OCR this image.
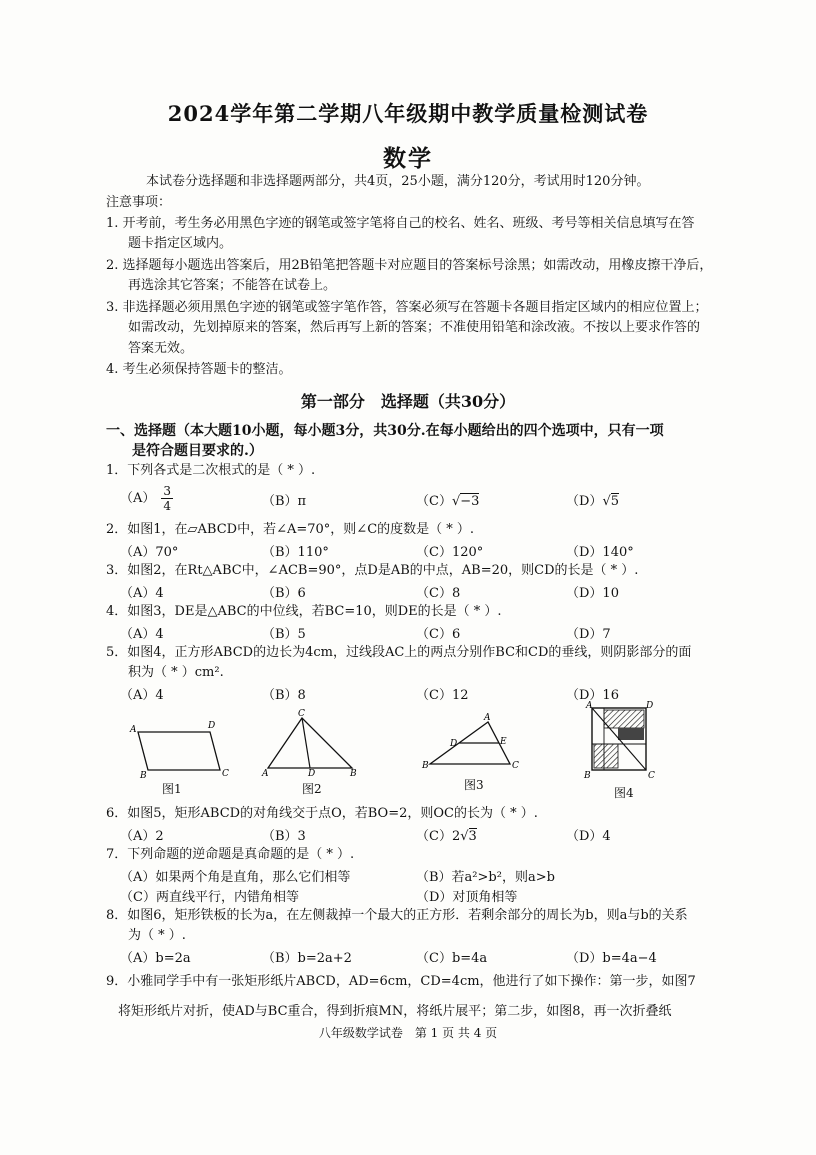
2024学年第二学期八年级期中教学质量检测试卷
数学
本试卷分选择题和非选择题两部分，共4页，25小题，满分120分，考试用时120分钟。
注意事项：
1. 开考前，考生务必用黑色字迹的钢笔或签字笔将自己的校名、姓名、班级、考号等相关信息填写在答
题卡指定区域内。
2. 选择题每小题选出答案后，用2B铅笔把答题卡对应题目的答案标号涂黑；如需改动，用橡皮擦干净后，
再选涂其它答案；不能答在试卷上。
3. 非选择题必须用黑色字迹的钢笔或签字笔作答，答案必须写在答题卡各题目指定区域内的相应位置上；
如需改动，先划掉原来的答案，然后再写上新的答案；不准使用铅笔和涂改液。不按以上要求作答的
答案无效。
4. 考生必须保持答题卡的整洁。
第一部分　选择题（共30分）
一、选择题（本大题10小题，每小题3分，共30分.在每小题给出的四个选项中，只有一项
是符合题目要求的.）
1．下列各式是二次根式的是（ * ）.
$(A) \frac{3}{4}$	（B）π	（C）√−3	（D）√5
2．如图1，在▱ABCD中，若∠A=70°，则∠C的度数是（ * ）.
（A）70°	（B）110°	（C）120°	（D）140°
3．如图2，在Rt△ABC中，∠ACB=90°，点D是AB的中点，AB=20，则CD的长是（ * ）.
（A）4	（B）6	（C）8	（D）10
4．如图3，DE是△ABC的中位线，若BC=10，则DE的长是（ * ）.
（A）4	（B）5	（C）6	（D）7
5．如图4，正方形ABCD的边长为4cm，过线段AC上的两点分别作BC和CD的垂线，则阴影部分的面
积为（ * ）cm².
（A）4	（B）8	（C）12	（D）16
A	D
B	C
图1
C
A	D	B
图2
A
D	E
B	C
图3
A	D
B	C
图4
6．如图5，矩形ABCD的对角线交于点O，若BO=2，则OC的长为（ * ）.
（A）2	（B）3	（C）2√3	（D）4
7．下列命题的逆命题是真命题的是（ * ）.
（A）如果两个角是直角，那么它们相等	（B）若a²>b²，则a>b
（C）两直线平行，内错角相等	（D）对顶角相等
8．如图6，矩形铁板的长为a，在左侧裁掉一个最大的正方形．若剩余部分的周长为b，则a与b的关系
为（ * ）.
（A）b=2a	（B）b=2a+2	（C）b=4a	（D）b=4a−4
9．小雅同学手中有一张矩形纸片ABCD，AD=6cm，CD=4cm，他进行了如下操作：第一步，如图7
将矩形纸片对折，使AD与BC重合，得到折痕MN，将纸片展平；第二步，如图8，再一次折叠纸
八年级数学试卷　第 1 页 共 4 页
